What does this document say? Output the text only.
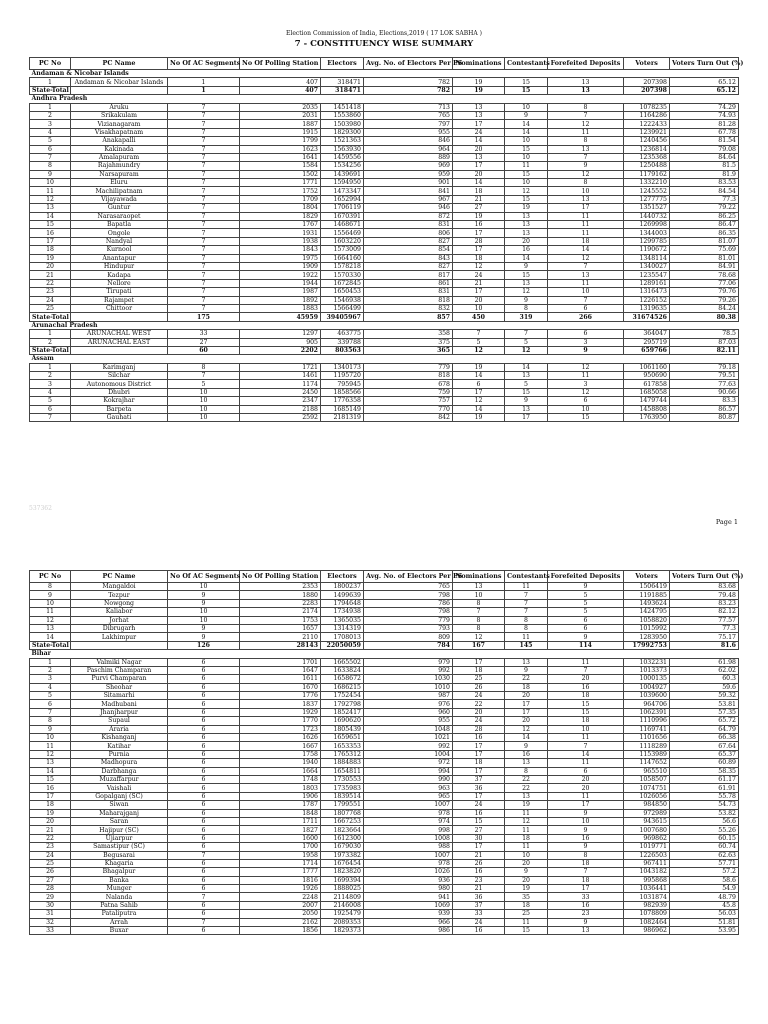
Election Commission of India, Elections,2019 ( 17 LOK SABHA )
7 - CONSTITUENCY WISE SUMMARY
PC No	PC Name	No Of AC Segments	No Of Polling Station	Electors	Avg. No. of Electors Per PS	Nominations	Contestants	Forefeited Deposits	Voters	Voters Turn Out (%)
Andaman & Nicobar Islands										
1	Andaman & Nicobar Islands	1	407	318471	782	19	15	13	207398	65.12
State-Total		1	407	318471	782	19	15	13	207398	65.12
Andhra Pradesh										
1	Aruku	7	2035	1451418	713	13	10	8	1078235	74.29
2	Srikakulam	7	2031	1553860	765	13	9	7	1164286	74.93
3	Vizianagaram	7	1887	1503980	797	17	14	12	1222433	81.28
4	Visakhapatnam	7	1915	1829300	955	24	14	11	1239921	67.78
5	Anakapalli	7	1799	1521363	846	14	10	8	1240456	81.54
6	Kakinada	7	1623	1563930	964	20	15	13	1236814	79.08
7	Amalapuram	7	1641	1459556	889	13	10	7	1235368	84.64
8	Rajahmundry	7	1584	1534256	969	17	11	9	1250488	81.5
9	Narsapuram	7	1502	1439691	959	20	15	12	1179162	81.9
10	Eluru	7	1771	1594950	901	14	10	8	1332210	83.53
11	Machilipatnam	7	1752	1473347	841	18	12	10	1245552	84.54
12	Vijayawada	7	1709	1652994	967	21	15	13	1277775	77.3
13	Guntur	7	1804	1706119	946	27	19	17	1351527	79.22
14	Narasaraopet	7	1829	1670391	872	19	13	11	1440732	86.25
15	Bapatla	7	1767	1468671	831	16	13	11	1269998	86.47
16	Ongole	7	1931	1556469	806	17	13	11	1344003	86.35
17	Nandyal	7	1938	1603220	827	28	20	18	1299785	81.07
18	Kurnool	7	1843	1573009	854	17	16	14	1190672	75.69
19	Anantapur	7	1975	1664160	843	18	14	12	1348114	81.01
20	Hindupur	7	1909	1578218	827	12	9	7	1340027	84.91
21	Kadapa	7	1922	1570330	817	24	15	13	1235547	78.68
22	Nellore	7	1944	1672845	861	21	13	11	1289161	77.06
23	Tirupati	7	1987	1650453	831	17	12	10	1316473	79.76
24	Rajampet	7	1892	1546938	818	20	9	7	1226152	79.26
25	Chittoor	7	1883	1566499	832	10	8	6	1319635	84.24
State-Total		175	45959	39405967	857	450	319	266	31674526	80.38
Arunachal Pradesh										
1	ARUNACHAL WEST	33	1297	463775	358	7	7	6	364047	78.5
2	ARUNACHAL EAST	27	905	339788	375	5	5	3	295719	87.03
State-Total		60	2202	803563	365	12	12	9	659766	82.11
Assam										
1	Karimganj	8	1721	1340173	779	19	14	12	1061160	79.18
2	Silchar	7	1461	1195720	818	14	13	11	950690	79.51
3	Autonomous District	5	1174	795945	678	6	5	3	617858	77.63
4	Dhubri	10	2450	1858566	759	17	15	12	1685058	90.66
5	Kokrajhar	10	2347	1776358	757	12	9	6	1479744	83.3
6	Barpeta	10	2188	1685149	770	14	13	10	1458808	86.57
7	Gauhati	10	2592	2181319	842	19	17	15	1763950	80.87
537362
Page 1
PC No	PC Name	No Of AC Segments	No Of Polling Station	Electors	Avg. No. of Electors Per PS	Nominations	Contestants	Forefeited Deposits	Voters	Voters Turn Out (%)
8	Mangaldoi	10	2353	1800237	765	13	11	9	1506419	83.68
9	Tezpur	9	1880	1499639	798	10	7	5	1191885	79.48
10	Nowgong	9	2283	1794648	786	8	7	5	1493624	83.23
11	Kaliabor	10	2174	1734938	798	7	7	5	1424795	82.12
12	Jorhat	10	1753	1365035	779	8	8	6	1058820	77.57
13	Dibrugarh	9	1657	1314319	793	8	8	6	1015992	77.3
14	Lakhimpur	9	2110	1708013	809	12	11	9	1283950	75.17
State-Total		126	28143	22050059	784	167	145	114	17992753	81.6
Bihar										
1	Valmiki Nagar	6	1701	1665502	979	17	13	11	1032231	61.98
2	Paschim Champaran	6	1647	1633824	992	18	9	7	1013373	62.02
3	Purvi Champaran	6	1611	1658672	1030	25	22	20	1000135	60.3
4	Sheohar	6	1670	1686215	1010	26	18	16	1004927	59.6
5	Sitamarhi	6	1776	1752454	987	24	20	18	1039600	59.32
6	Madhubani	6	1837	1792798	976	22	17	15	964706	53.81
7	Jhanjharpur	6	1929	1852417	960	20	17	15	1062391	57.35
8	Supaul	6	1770	1690620	955	24	20	18	1110996	65.72
9	Araria	6	1723	1805439	1048	28	12	10	1169741	64.79
10	Kishanganj	6	1626	1659651	1021	16	14	11	1101656	66.38
11	Katihar	6	1667	1653353	992	17	9	7	1118289	67.64
12	Purnia	6	1758	1765312	1004	17	16	14	1153989	65.37
13	Madhopura	6	1940	1884883	972	18	13	11	1147652	60.89
14	Darbhanga	6	1664	1654811	994	17	8	6	965510	58.35
15	Muzaffarpur	6	1748	1730553	990	37	22	20	1058507	61.17
16	Vaishali	6	1803	1735983	963	36	22	20	1074751	61.91
17	Gopalganj (SC)	6	1906	1839514	965	17	13	11	1026056	55.78
18	Siwan	6	1787	1799551	1007	24	19	17	984850	54.73
19	Maharajganj	6	1848	1807768	978	16	11	9	972989	53.82
20	Saran	6	1711	1667253	974	15	12	10	943615	56.6
21	Hajipur (SC)	6	1827	1823664	998	27	11	9	1007680	55.26
22	Ujiarpur	6	1600	1612300	1008	30	18	16	969862	60.15
23	Samastipur (SC)	6	1700	1679030	988	17	11	9	1019771	60.74
24	Begusarai	7	1958	1973382	1007	21	10	8	1226503	62.63
25	Khagaria	6	1714	1676454	978	26	20	18	967411	57.71
26	Bhagalpur	6	1777	1823820	1026	16	9	7	1043182	57.2
27	Banka	6	1816	1699394	936	23	20	18	995868	58.6
28	Munger	6	1926	1888025	980	21	19	17	1036441	54.9
29	Nalanda	7	2248	2114809	941	36	35	33	1031874	48.79
30	Patna Sahib	6	2007	2146008	1069	37	18	16	982939	45.8
31	Pataliputra	6	2050	1925479	939	33	25	23	1078809	56.03
32	Arrah	7	2162	2089353	966	24	11	9	1082464	51.81
33	Buxar	6	1856	1829373	986	16	15	13	986962	53.95
